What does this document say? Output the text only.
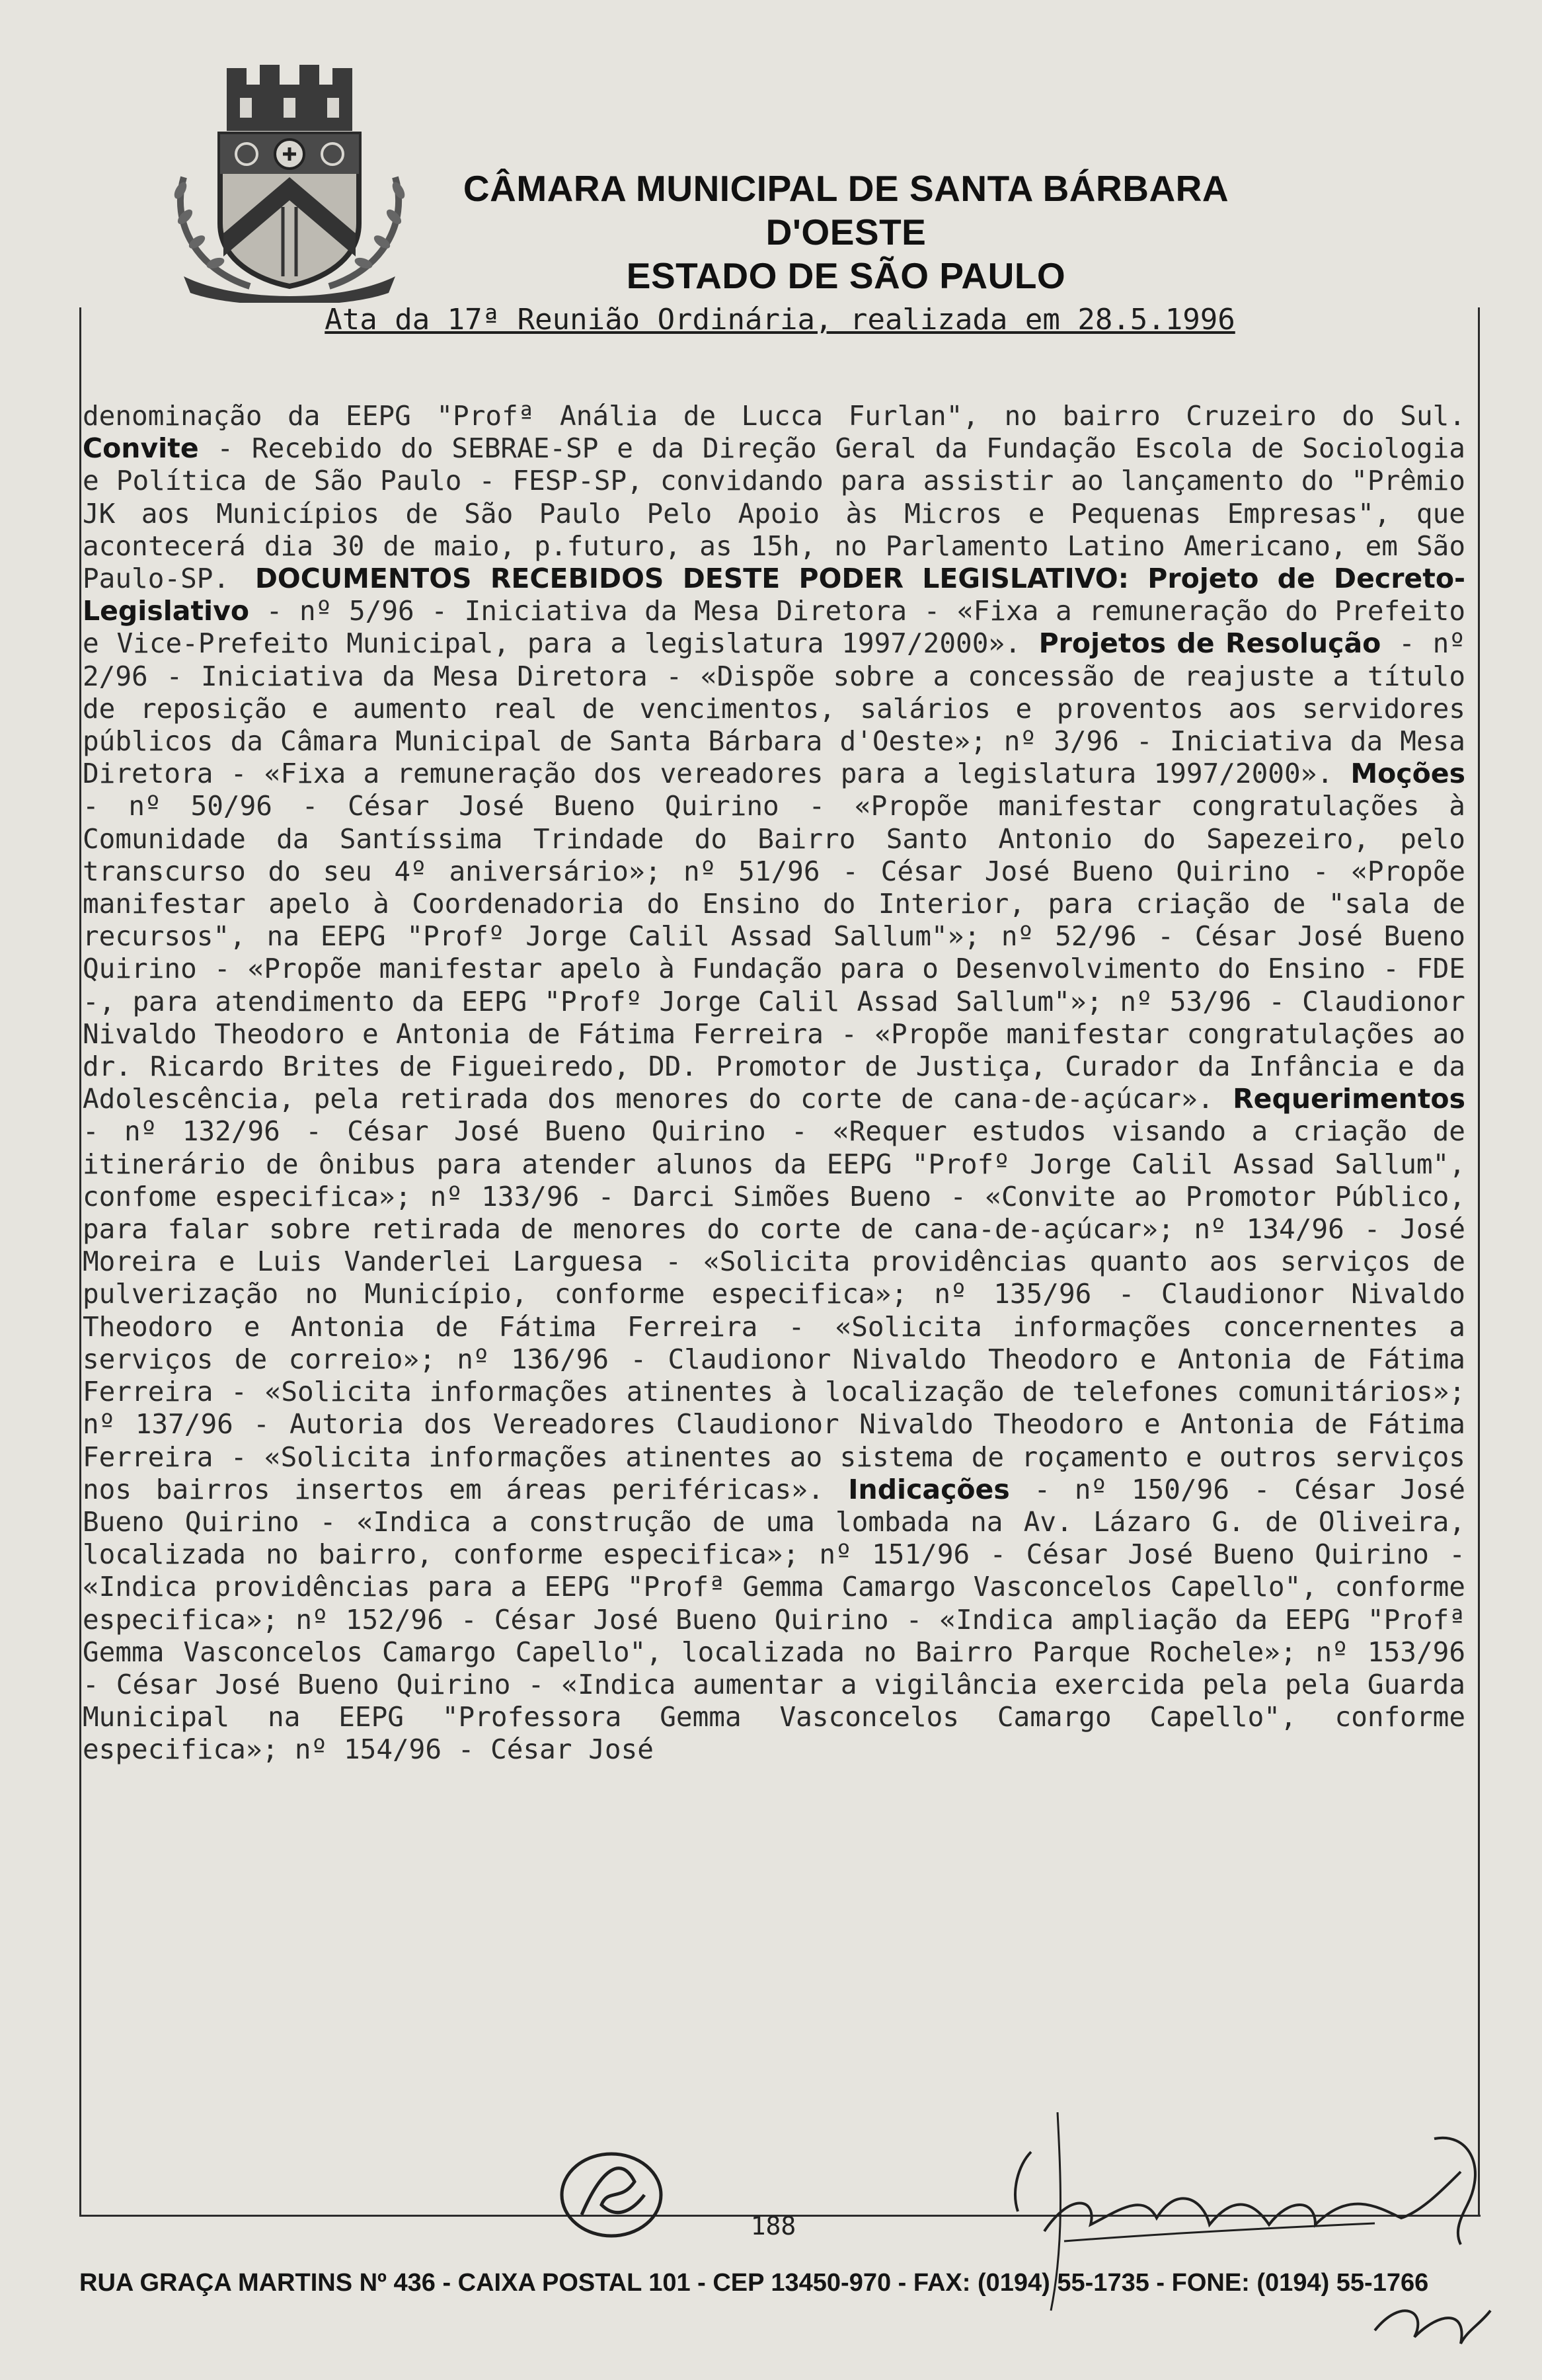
CÂMARA MUNICIPAL DE SANTA BÁRBARA D'OESTE
ESTADO DE SÃO PAULO
Ata da 17ª Reunião Ordinária, realizada em 28.5.1996
denominação da EEPG "Profª Anália de Lucca Furlan", no bairro Cruzeiro do Sul. Convite - Recebido do SEBRAE-SP e da Direção Geral da Fundação Escola de Sociologia e Política de São Paulo - FESP-SP, convidando para assistir ao lançamento do "Prêmio JK aos Municípios de São Paulo Pelo Apoio às Micros e Pequenas Empresas", que acontecerá dia 30 de maio, p.futuro, as 15h, no Parlamento Latino Americano, em São Paulo-SP. DOCUMENTOS RECEBIDOS DESTE PODER LEGISLATIVO: Projeto de Decreto-Legislativo - nº 5/96 - Iniciativa da Mesa Diretora - «Fixa a remuneração do Prefeito e Vice-Prefeito Municipal, para a legislatura 1997/2000». Projetos de Resolução - nº 2/96 - Iniciativa da Mesa Diretora - «Dispõe sobre a concessão de reajuste a título de reposição e aumento real de vencimentos, salários e proventos aos servidores públicos da Câmara Municipal de Santa Bárbara d'Oeste»; nº 3/96 - Iniciativa da Mesa Diretora - «Fixa a remuneração dos vereadores para a legislatura 1997/2000». Moções - nº 50/96 - César José Bueno Quirino - «Propõe manifestar congratulações à Comunidade da Santíssima Trindade do Bairro Santo Antonio do Sapezeiro, pelo transcurso do seu 4º aniversário»; nº 51/96 - César José Bueno Quirino - «Propõe manifestar apelo à Coordenadoria do Ensino do Interior, para criação de "sala de recursos", na EEPG "Profº Jorge Calil Assad Sallum"»; nº 52/96 - César José Bueno Quirino - «Propõe manifestar apelo à Fundação para o Desenvolvimento do Ensino - FDE -, para atendimento da EEPG "Profº Jorge Calil Assad Sallum"»; nº 53/96 - Claudionor Nivaldo Theodoro e Antonia de Fátima Ferreira - «Propõe manifestar congratulações ao dr. Ricardo Brites de Figueiredo, DD. Promotor de Justiça, Curador da Infância e da Adolescência, pela retirada dos menores do corte de cana-de-açúcar». Requerimentos - nº 132/96 - César José Bueno Quirino - «Requer estudos visando a criação de itinerário de ônibus para atender alunos da EEPG "Profº Jorge Calil Assad Sallum", confome especifica»; nº 133/96 - Darci Simões Bueno - «Convite ao Promotor Público, para falar sobre retirada de menores do corte de cana-de-açúcar»; nº 134/96 - José Moreira e Luis Vanderlei Larguesa - «Solicita providências quanto aos serviços de pulverização no Município, conforme especifica»; nº 135/96 - Claudionor Nivaldo Theodoro e Antonia de Fátima Ferreira - «Solicita informações concernentes a serviços de correio»; nº 136/96 - Claudionor Nivaldo Theodoro e Antonia de Fátima Ferreira - «Solicita informações atinentes à localização de telefones comunitários»; nº 137/96 - Autoria dos Vereadores Claudionor Nivaldo Theodoro e Antonia de Fátima Ferreira - «Solicita informações atinentes ao sistema de roçamento e outros serviços nos bairros insertos em áreas periféricas». Indicações - nº 150/96 - César José Bueno Quirino - «Indica a construção de uma lombada na Av. Lázaro G. de Oliveira, localizada no bairro, conforme especifica»; nº 151/96 - César José Bueno Quirino - «Indica providências para a EEPG "Profª Gemma Camargo Vasconcelos Capello", conforme especifica»; nº 152/96 - César José Bueno Quirino - «Indica ampliação da EEPG "Profª Gemma Vasconcelos Camargo Capello", localizada no Bairro Parque Rochele»; nº 153/96 - César José Bueno Quirino - «Indica aumentar a vigilância exercida pela pela Guarda Municipal na EEPG "Professora Gemma Vasconcelos Camargo Capello", conforme especifica»; nº 154/96 - César José
188
RUA GRAÇA MARTINS Nº 436 - CAIXA POSTAL 101 - CEP 13450-970 - FAX: (0194) 55-1735 - FONE: (0194) 55-1766
